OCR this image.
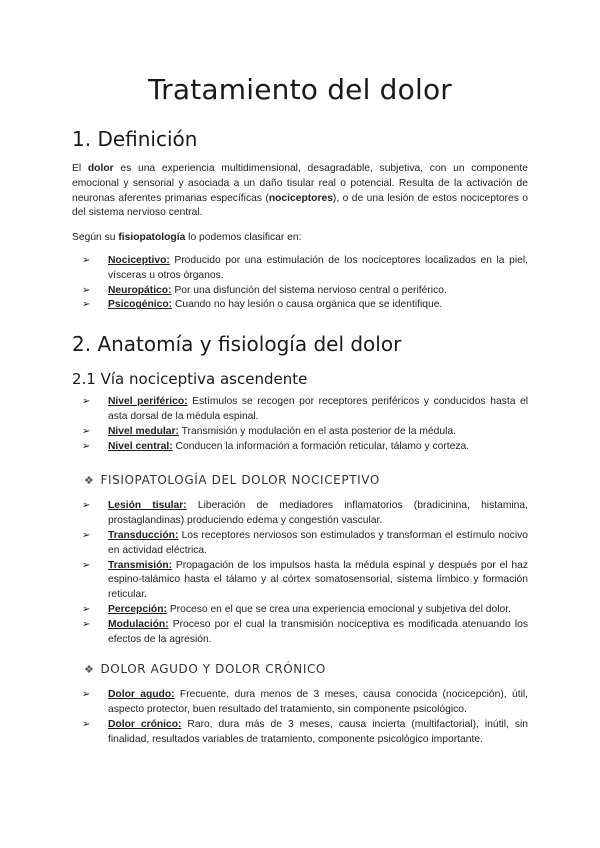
Tratamiento del dolor
1. Definición

El dolor es una experiencia multidimensional, desagradable, subjetiva, con un componente emocional y sensorial y asociada a un daño tisular real o potencial. Resulta de la activación de neuronas aferentes primarias específicas (nociceptores), o de una lesión de estos nociceptores o del sistema nervioso central.

Según su fisiopatología lo podemos clasificar en:

➢	Nociceptivo: Producido por una estimulación de los nociceptores localizados en la piel, vísceras u otros órganos.
➢	Neuropático: Por una disfunción del sistema nervioso central o periférico.
➢	Psicogénico: Cuando no hay lesión o causa orgánica que se identifique.
2. Anatomía y fisiología del dolor
2.1 Vía nociceptiva ascendente
➢	Nivel periférico: Estímulos se recogen por receptores periféricos y conducidos hasta el asta dorsal de la médula espinal.
➢	Nivel medular: Transmisión y modulación en el asta posterior de la médula.
➢	Nivel central: Conducen la información a formación reticular, tálamo y corteza.
❖ FISIOPATOLOGÍA DEL DOLOR NOCICEPTIVO
➢	Lesión tisular: Liberación de mediadores inflamatorios (bradicinina, histamina, prostaglandinas) produciendo edema y congestión vascular.
➢	Transducción: Los receptores nerviosos son estimulados y transforman el estímulo nocivo en actividad eléctrica.
➢	Transmisión: Propagación de los impulsos hasta la médula espinal y después por el haz espino-talámico hasta el tálamo y al córtex somatosensorial, sistema límbico y formación reticular.
➢	Percepción: Proceso en el que se crea una experiencia emocional y subjetiva del dolor.
➢	Modulación: Proceso por el cual la transmisión nociceptiva es modificada atenuando los efectos de la agresión.
❖ DOLOR AGUDO Y DOLOR CRÓNICO
➢	Dolor agudo: Frecuente, dura menos de 3 meses, causa conocida (nocicepción), útil, aspecto protector, buen resultado del tratamiento, sin componente psicológico.
➢	Dolor crónico: Raro, dura más de 3 meses, causa incierta (multifactorial), inútil, sin finalidad, resultados variables de tratamiento, componente psicológico importante.
